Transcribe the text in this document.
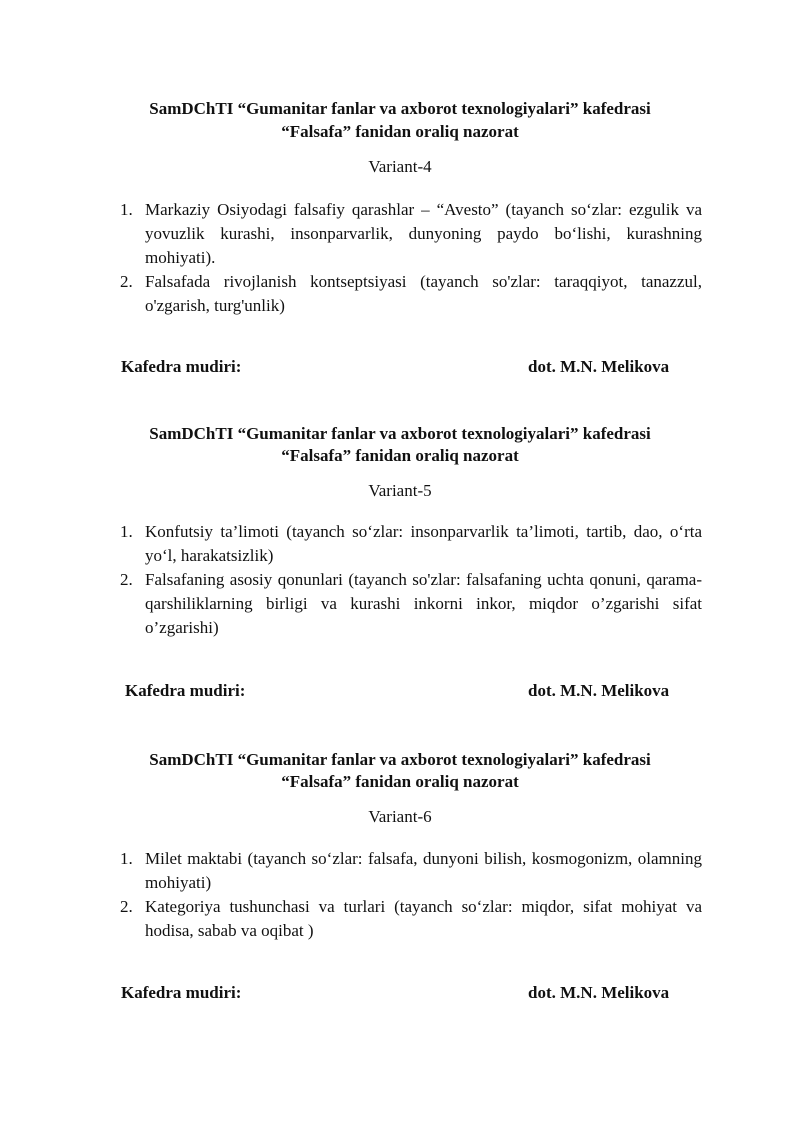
SamDChTI “Gumanitar fanlar va axborot texnologiyalari” kafedrasi
“Falsafa” fanidan oraliq nazorat
Variant-4
1. Markaziy Osiyodagi falsafiy qarashlar – “Avesto” (tayanch so‘zlar: ezgulik va yovuzlik kurashi, insonparvarlik, dunyoning paydo bo‘lishi, kurashning mohiyati).
2. Falsafada rivojlanish kontseptsiyasi (tayanch so'zlar: taraqqiyot, tanazzul, o'zgarish, turg'unlik)
Kafedra mudiri:	dot. M.N. Melikova
SamDChTI “Gumanitar fanlar va axborot texnologiyalari” kafedrasi
“Falsafa” fanidan oraliq nazorat
Variant-5
1. Konfutsiy ta’limoti (tayanch so‘zlar: insonparvarlik ta’limoti, tartib, dao, o‘rta yo‘l, harakatsizlik)
2. Falsafaning asosiy qonunlari (tayanch so'zlar: falsafaning uchta qonuni, qarama-qarshiliklarning birligi va kurashi inkorni inkor, miqdor o’zgarishi sifat o’zgarishi)
Kafedra mudiri:	dot. M.N. Melikova
SamDChTI “Gumanitar fanlar va axborot texnologiyalari” kafedrasi
“Falsafa” fanidan oraliq nazorat
Variant-6
1. Milet maktabi (tayanch so‘zlar: falsafa, dunyoni bilish, kosmogonizm, olamning mohiyati)
2. Kategoriya tushunchasi va turlari (tayanch so‘zlar: miqdor, sifat mohiyat va hodisa, sabab va oqibat )
Kafedra mudiri:	dot. M.N. Melikova
